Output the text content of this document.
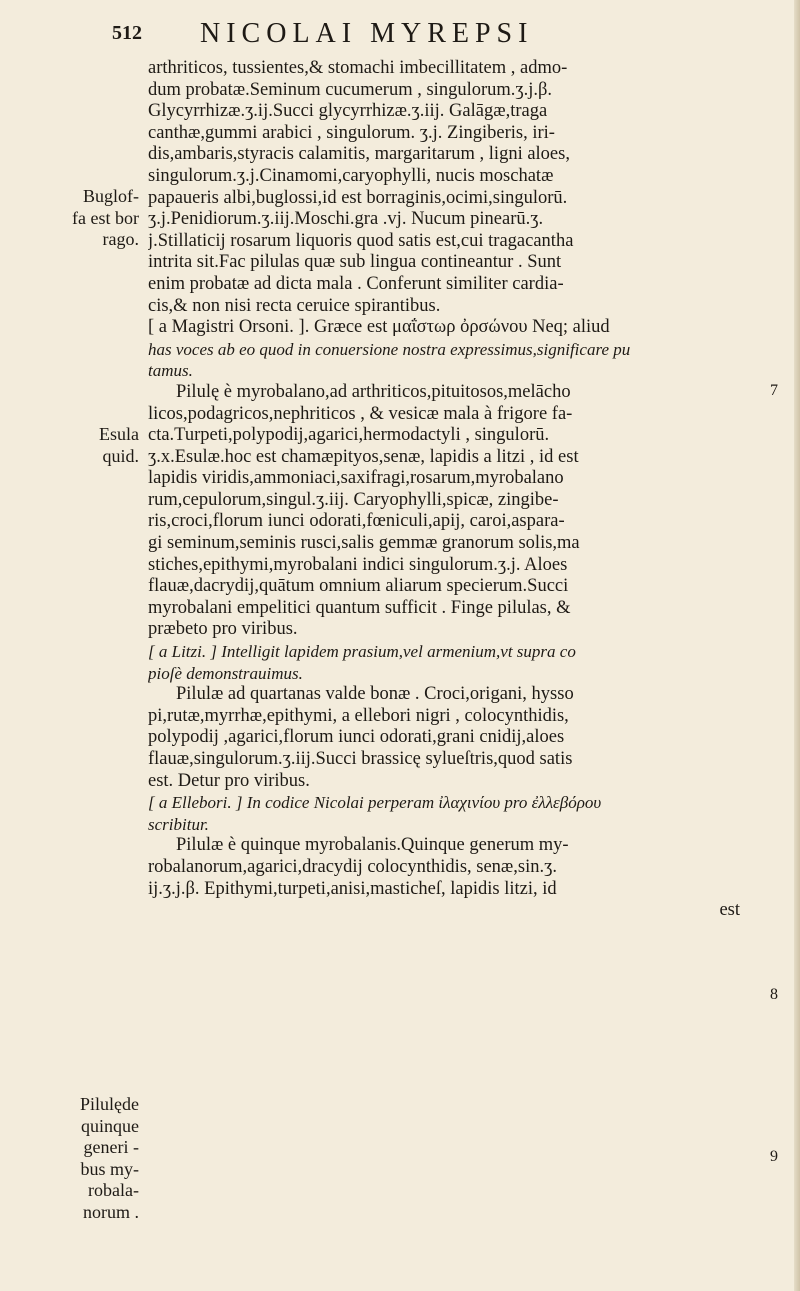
512 NICOLAI MYREPSI
Buglof-
fa est bor
rago.
Esula
quid.
Pilulęde
quinque
generi -
bus my-
robala-
norum .
7
8
9
arthriticos, tussientes,& stomachi imbecillitatem , admo-
dum probatæ.Seminum cucumerum , singulorum.ʒ.j.β.
Glycyrrhizæ.ʒ.ij.Succi glycyrrhizæ.ʒ.iij. Galāgæ,traga
canthæ,gummi arabici , singulorum. ʒ.j. Zingiberis, iri-
dis,ambaris,styracis calamitis, margaritarum , ligni aloes,
singulorum.ʒ.j.Cinamomi,caryophylli, nucis moschatæ
papaueris albi,buglossi,id est borraginis,ocimi,singulorū.
ʒ.j.Penidiorum.ʒ.iij.Moschi.gra .vj. Nucum pinearū.ʒ.
j.Stillaticij rosarum liquoris quod satis est,cui tragacantha
intrita sit.Fac pilulas quæ sub lingua contineantur . Sunt
enim probatæ ad dicta mala . Conferunt similiter cardia-
cis,& non nisi recta ceruice spirantibus.
[ a Magistri Orsoni. ]. Græce est μαΐστωρ ὀρσώνου Neq; aliud
has voces ab eo quod in conuersione nostra expressimus,significare pu
tamus.
Pilulę è myrobalano,ad arthriticos,pituitosos,melācho
licos,podagricos,nephriticos , & vesicæ mala à frigore fa-
cta.Turpeti,polypodij,agarici,hermodactyli , singulorū.
ʒ.x.Esulæ.hoc est chamæpityos,senæ, lapidis a litzi , id est
lapidis viridis,ammoniaci,saxifragi,rosarum,myrobalano
rum,cepulorum,singul.ʒ.iij. Caryophylli,spicæ, zingibe-
ris,croci,florum iunci odorati,fœniculi,apij, caroi,aspara-
gi seminum,seminis rusci,salis gemmæ granorum solis,ma
stiches,epithymi,myrobalani indici singulorum.ʒ.j. Aloes
flauæ,dacrydij,quātum omnium aliarum specierum.Succi
myrobalani empelitici quantum sufficit . Finge pilulas, &
præbeto pro viribus.
[ a Litzi. ] Intelligit lapidem prasium,vel armenium,vt supra co
pioſè demonstrauimus.
Pilulæ ad quartanas valde bonæ . Croci,origani, hysso
pi,rutæ,myrrhæ,epithymi, a ellebori nigri , colocynthidis,
polypodij ,agarici,florum iunci odorati,grani cnidij,aloes
flauæ,singulorum.ʒ.iij.Succi brassicę sylueſtris,quod satis
est. Detur pro viribus.
[ a Ellebori. ] In codice Nicolai perperam ἰλαχινίου pro ἐλλεβόρου
scribitur.
Pilulæ è quinque myrobalanis.Quinque generum my-
robalanorum,agarici,dracydij colocynthidis, senæ,sin.ʒ.
ij.ʒ.j.β. Epithymi,turpeti,anisi,masticheſ, lapidis litzi, id
est
